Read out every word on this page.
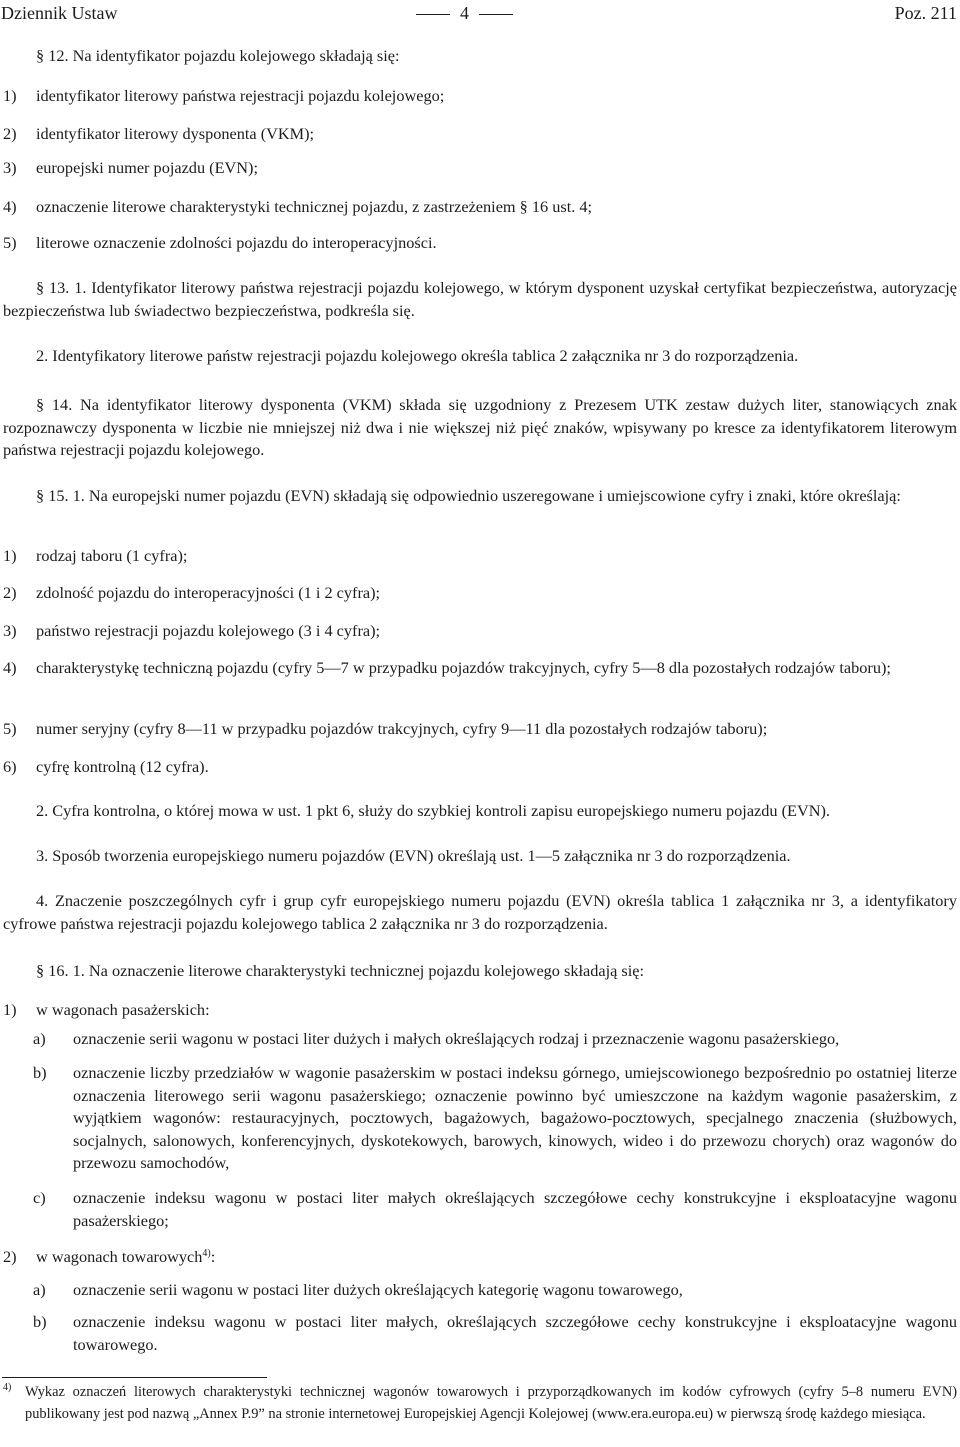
Dziennik Ustaw	4	Poz. 211
§ 12. Na identyfikator pojazdu kolejowego składają się:
1) identyfikator literowy państwa rejestracji pojazdu kolejowego;
2) identyfikator literowy dysponenta (VKM);
3) europejski numer pojazdu (EVN);
4) oznaczenie literowe charakterystyki technicznej pojazdu, z zastrzeżeniem § 16 ust. 4;
5) literowe oznaczenie zdolności pojazdu do interoperacyjności.
§ 13. 1. Identyfikator literowy państwa rejestracji pojazdu kolejowego, w którym dysponent uzyskał certyfikat bezpieczeństwa, autoryzację bezpieczeństwa lub świadectwo bezpieczeństwa, podkreśla się.
2. Identyfikatory literowe państw rejestracji pojazdu kolejowego określa tablica 2 załącznika nr 3 do rozporządzenia.
§ 14. Na identyfikator literowy dysponenta (VKM) składa się uzgodniony z Prezesem UTK zestaw dużych liter, stanowiących znak rozpoznawczy dysponenta w liczbie nie mniejszej niż dwa i nie większej niż pięć znaków, wpisywany po kresce za identyfikatorem literowym państwa rejestracji pojazdu kolejowego.
§ 15. 1. Na europejski numer pojazdu (EVN) składają się odpowiednio uszeregowane i umiejscowione cyfry i znaki, które określają:
1) rodzaj taboru (1 cyfra);
2) zdolność pojazdu do interoperacyjności (1 i 2 cyfra);
3) państwo rejestracji pojazdu kolejowego (3 i 4 cyfra);
4) charakterystykę techniczną pojazdu (cyfry 5—7 w przypadku pojazdów trakcyjnych, cyfry 5—8 dla pozostałych rodzajów taboru);
5) numer seryjny (cyfry 8—11 w przypadku pojazdów trakcyjnych, cyfry 9—11 dla pozostałych rodzajów taboru);
6) cyfrę kontrolną (12 cyfra).
2. Cyfra kontrolna, o której mowa w ust. 1 pkt 6, służy do szybkiej kontroli zapisu europejskiego numeru pojazdu (EVN).
3. Sposób tworzenia europejskiego numeru pojazdów (EVN) określają ust. 1—5 załącznika nr 3 do rozporządzenia.
4. Znaczenie poszczególnych cyfr i grup cyfr europejskiego numeru pojazdu (EVN) określa tablica 1 załącznika nr 3, a identyfikatory cyfrowe państwa rejestracji pojazdu kolejowego tablica 2 załącznika nr 3 do rozporządzenia.
§ 16. 1. Na oznaczenie literowe charakterystyki technicznej pojazdu kolejowego składają się:
1) w wagonach pasażerskich:
a) oznaczenie serii wagonu w postaci liter dużych i małych określających rodzaj i przeznaczenie wagonu pasażerskiego,
b) oznaczenie liczby przedziałów w wagonie pasażerskim w postaci indeksu górnego, umiejscowionego bezpośrednio po ostatniej literze oznaczenia literowego serii wagonu pasażerskiego; oznaczenie powinno być umieszczone na każdym wagonie pasażerskim, z wyjątkiem wagonów: restauracyjnych, pocztowych, bagażowych, bagażowo-pocztowych, specjalnego znaczenia (służbowych, socjalnych, salonowych, konferencyjnych, dyskotekowych, barowych, kinowych, wideo i do przewozu chorych) oraz wagonów do przewozu samochodów,
c) oznaczenie indeksu wagonu w postaci liter małych określających szczegółowe cechy konstrukcyjne i eksploatacyjne wagonu pasażerskiego;
2) w wagonach towarowych$^{4)}$:
a) oznaczenie serii wagonu w postaci liter dużych określających kategorię wagonu towarowego,
b) oznaczenie indeksu wagonu w postaci liter małych, określających szczegółowe cechy konstrukcyjne i eksploatacyjne wagonu towarowego.
4) Wykaz oznaczeń literowych charakterystyki technicznej wagonów towarowych i przyporządkowanych im kodów cyfrowych (cyfry 5–8 numeru EVN) publikowany jest pod nazwą „Annex P.9” na stronie internetowej Europejskiej Agencji Kolejowej (www.era.europa.eu) w pierwszą środę każdego miesiąca.
